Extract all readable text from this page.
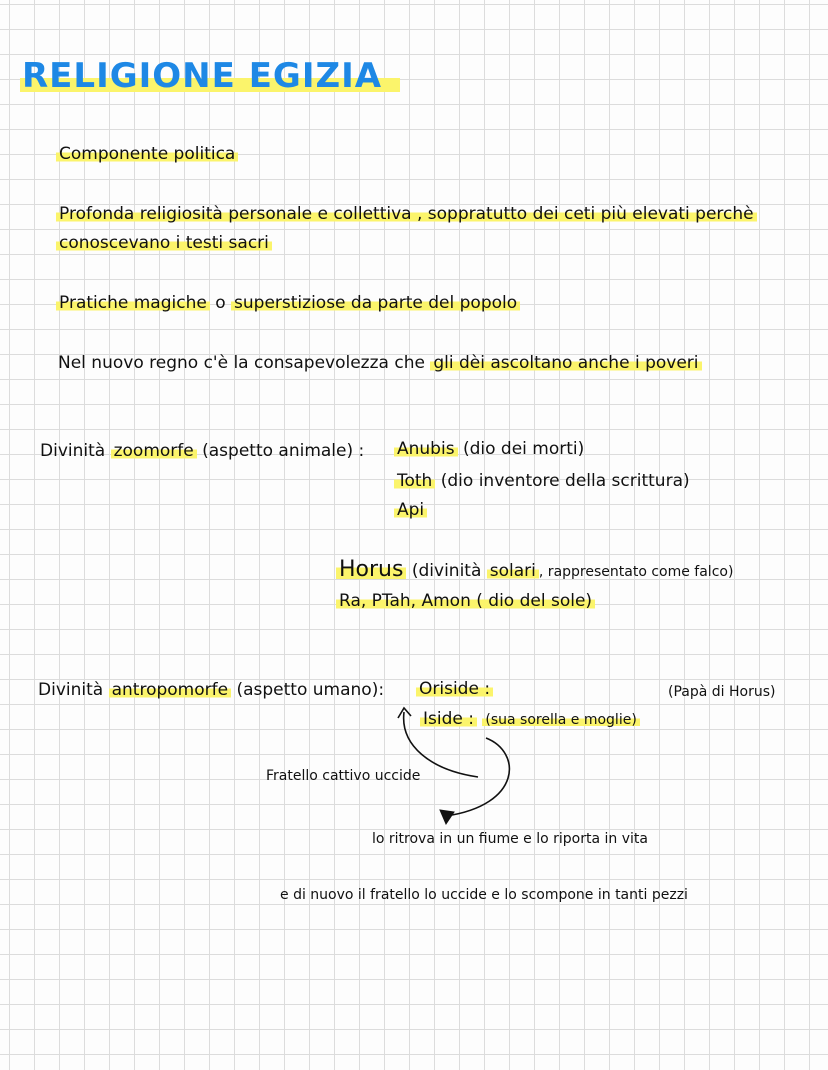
RELIGIONE EGIZIA
Componente politica
Profonda religiosità personale e collettiva , soppratutto dei ceti più elevati perchè
conoscevano i testi sacri
Pratiche magiche o superstiziose da parte del popolo
Nel nuovo regno c'è la consapevolezza che gli dèi ascoltano anche i poveri
Divinità zoomorfe (aspetto animale) : Anubis (dio dei morti)
Toth (dio inventore della scrittura)
Api
Horus (divinità solari , rappresentato come falco)
Ra, PTah, Amon ( dio del sole)
Divinità antropomorfe (aspetto umano): Oriside :	(Papà di Horus)
Iside : (sua sorella e moglie)
Fratello cattivo uccide
lo ritrova in un fiume e lo riporta in vita
e di nuovo il fratello lo uccide e lo scompone in tanti pezzi
